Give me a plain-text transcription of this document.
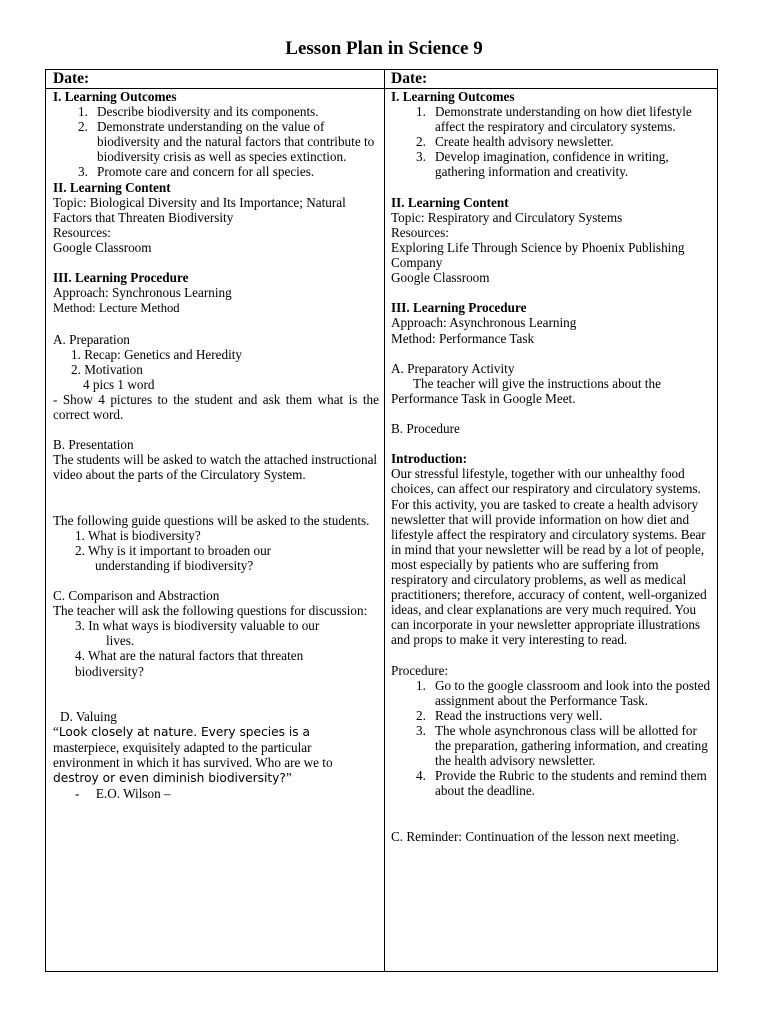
Lesson Plan in Science 9
Date:	Date:
I. Learning Outcomes
1. Describe biodiversity and its components.
2. Demonstrate understanding on the value of biodiversity and the natural factors that contribute to biodiversity crisis as well as species extinction.
3. Promote care and concern for all species.
II. Learning Content
Topic: Biological Diversity and Its Importance; Natural Factors that Threaten Biodiversity
Resources:
Google Classroom
III. Learning Procedure
Approach: Synchronous Learning
Method: Lecture Method
A. Preparation
1. Recap: Genetics and Heredity
2. Motivation
4 pics 1 word
- Show 4 pictures to the student and ask them what is the correct word.
B. Presentation
The students will be asked to watch the attached instructional video about the parts of the Circulatory System.
The following guide questions will be asked to the students.
1. What is biodiversity?
2. Why is it important to broaden our
understanding if biodiversity?
C. Comparison and Abstraction
The teacher will ask the following questions for discussion:
3. In what ways is biodiversity valuable to our
lives.
4. What are the natural factors that threaten
biodiversity?
D. Valuing
“Look closely at nature. Every species is a masterpiece, exquisitely adapted to the particular environment in which it has survived. Who are we to destroy or even diminish biodiversity?”
-     E.O. Wilson –
I. Learning Outcomes
1. Demonstrate understanding on how diet lifestyle affect the respiratory and circulatory systems.
2. Create health advisory newsletter.
3. Develop imagination, confidence in writing, gathering information and creativity.
II. Learning Content
Topic: Respiratory and Circulatory Systems
Resources:
Exploring Life Through Science by Phoenix Publishing Company
Google Classroom
III. Learning Procedure
Approach: Asynchronous Learning
Method: Performance Task
A. Preparatory Activity
The teacher will give the instructions about the Performance Task in Google Meet.
B. Procedure
Introduction:
Our stressful lifestyle, together with our unhealthy food choices, can affect our respiratory and circulatory systems. For this activity, you are tasked to create a health advisory newsletter that will provide information on how diet and lifestyle affect the respiratory and circulatory systems. Bear in mind that your newsletter will be read by a lot of people, most especially by patients who are suffering from respiratory and circulatory problems, as well as medical practitioners; therefore, accuracy of content, well-organized ideas, and clear explanations are very much required. You can incorporate in your newsletter appropriate illustrations and props to make it very interesting to read.
Procedure:
1. Go to the google classroom and look into the posted assignment about the Performance Task.
2. Read the instructions very well.
3. The whole asynchronous class will be allotted for the preparation, gathering information, and creating the health advisory newsletter.
4. Provide the Rubric to the students and remind them about the deadline.
C. Reminder: Continuation of the lesson next meeting.
